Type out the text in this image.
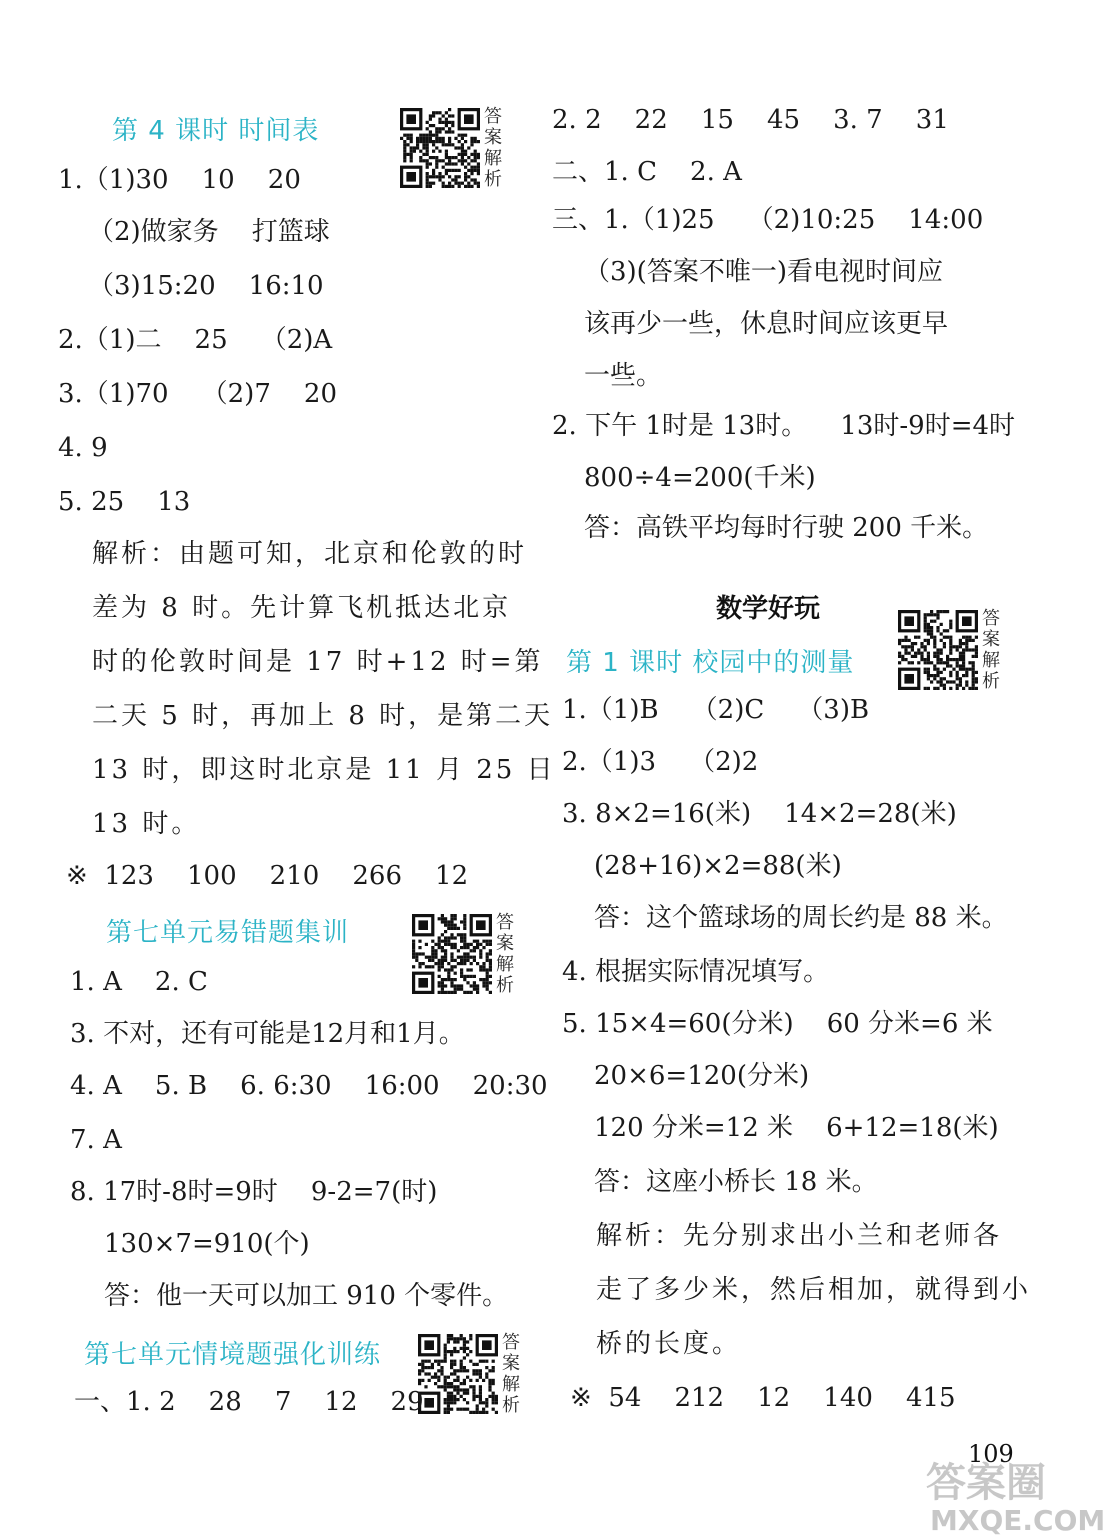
第 4 课时 时间表	答案解析
1.（1)30    10    20
（2)做家务    打篮球
（3)15:20    16:10
2.（1)二    25    （2)A
3.（1)70    （2)7    20
4. 9
5. 25    13
解析：由题可知，北京和伦敦的时
差为 8 时。先计算飞机抵达北京
时的伦敦时间是 17 时+12 时=第
二天 5 时，再加上 8 时，是第二天
13 时，即这时北京是 11 月 25 日
13 时。
※  123    100    210    266    12
第七单元易错题集训	答案解析
1. A    2. C
3. 不对，还有可能是12月和1月。
4. A    5. B    6. 6:30    16:00    20:30
7. A
8. 17时-8时=9时    9-2=7(时)
130×7=910(个)
答：他一天可以加工 910 个零件。
第七单元情境题强化训练	答案解析
一、1. 2    28    7    12    29
2. 2    22    15    45    3. 7    31
二、1. C    2. A
三、1.（1)25    （2)10:25    14:00
（3)(答案不唯一)看电视时间应
该再少一些，休息时间应该更早
一些。
2. 下午 1时是 13时。    13时-9时=4时
800÷4=200(千米)
答：高铁平均每时行驶 200 千米。
数学好玩
第 1 课时 校园中的测量
答案解析
1.（1)B    （2)C    （3)B
2.（1)3    （2)2
3. 8×2=16(米)    14×2=28(米)
(28+16)×2=88(米)
答：这个篮球场的周长约是 88 米。
4. 根据实际情况填写。
5. 15×4=60(分米)    60 分米=6 米
20×6=120(分米)
120 分米=12 米    6+12=18(米)
答：这座小桥长 18 米。
解析：先分别求出小兰和老师各
走了多少米，然后相加，就得到小
桥的长度。
※  54    212    12    140    415
109
答案圈
MXQE.COM
